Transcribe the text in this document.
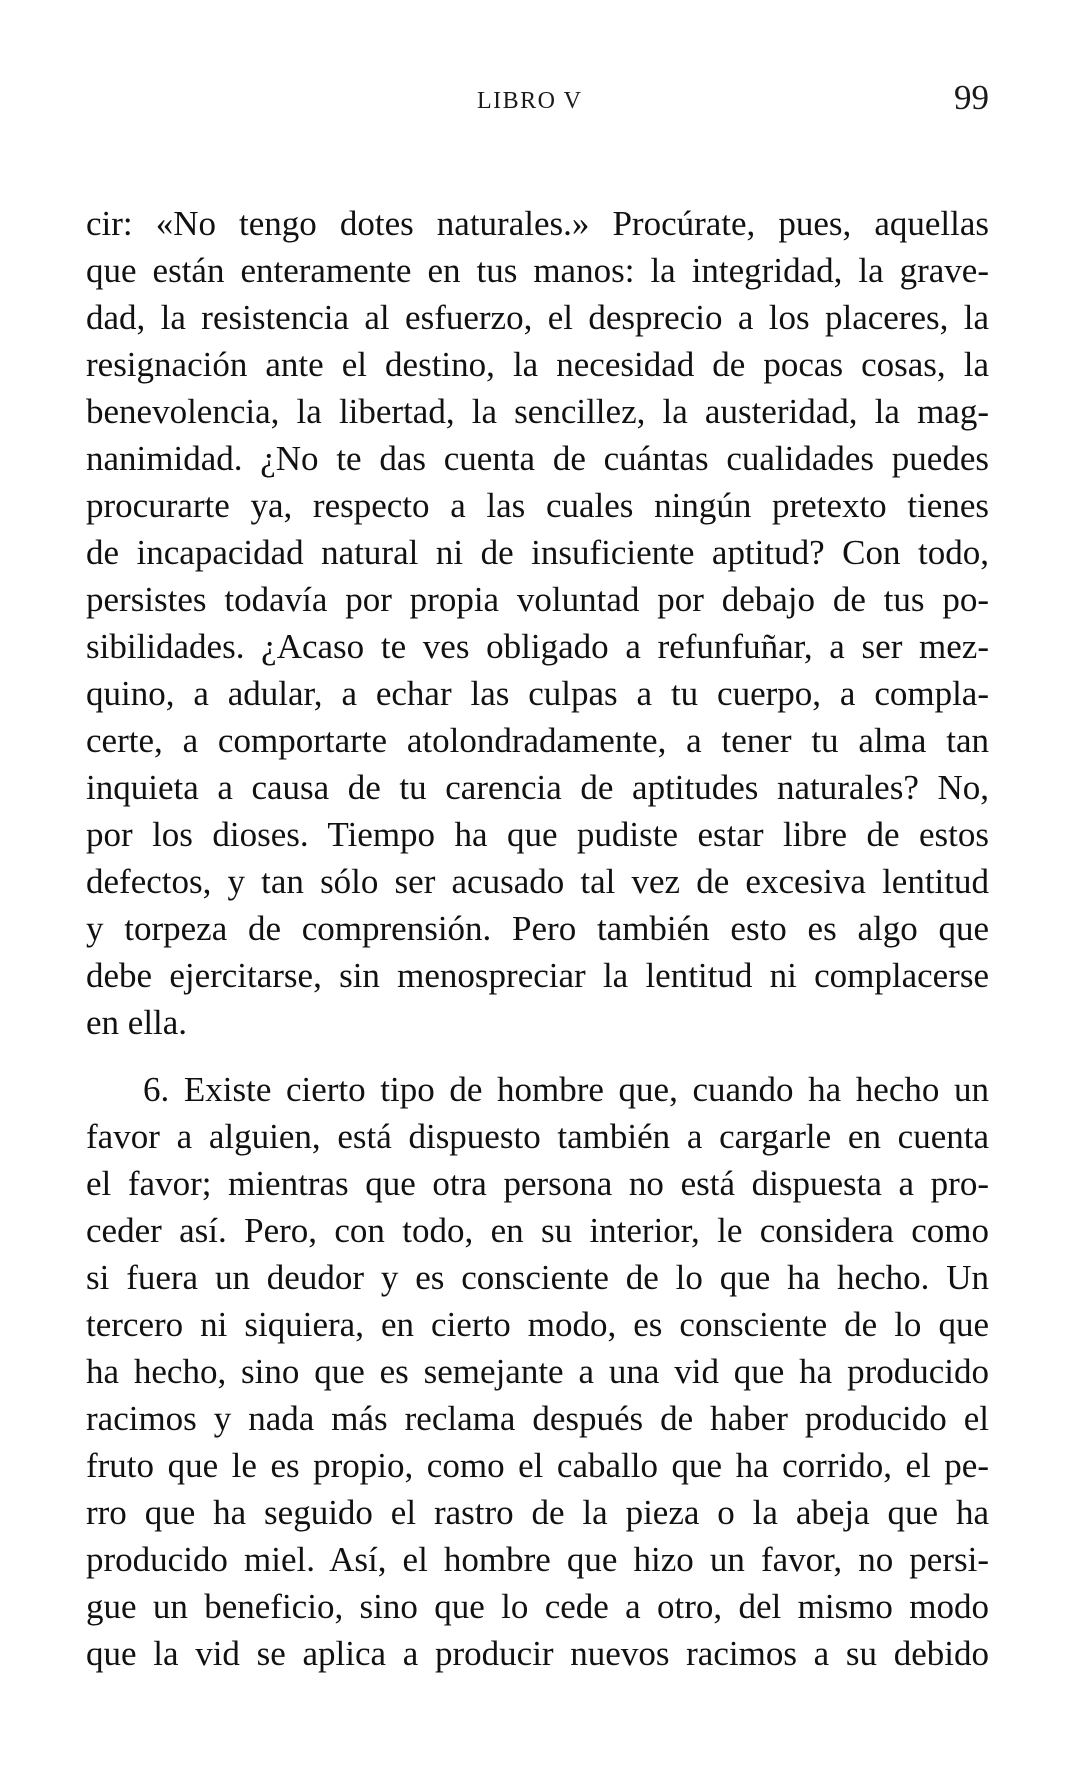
LIBRO V	99

cir: «No tengo dotes naturales.» Procúrate, pues, aquellas
que están enteramente en tus manos: la integridad, la grave-
dad, la resistencia al esfuerzo, el desprecio a los placeres, la
resignación ante el destino, la necesidad de pocas cosas, la
benevolencia, la libertad, la sencillez, la austeridad, la mag-
nanimidad. ¿No te das cuenta de cuántas cualidades puedes
procurarte ya, respecto a las cuales ningún pretexto tienes
de incapacidad natural ni de insuficiente aptitud? Con todo,
persistes todavía por propia voluntad por debajo de tus po-
sibilidades. ¿Acaso te ves obligado a refunfuñar, a ser mez-
quino, a adular, a echar las culpas a tu cuerpo, a compla-
certe, a comportarte atolondradamente, a tener tu alma tan
inquieta a causa de tu carencia de aptitudes naturales? No,
por los dioses. Tiempo ha que pudiste estar libre de estos
defectos, y tan sólo ser acusado tal vez de excesiva lentitud
y torpeza de comprensión. Pero también esto es algo que
debe ejercitarse, sin menospreciar la lentitud ni complacerse
en ella.

6. Existe cierto tipo de hombre que, cuando ha hecho un
favor a alguien, está dispuesto también a cargarle en cuenta
el favor; mientras que otra persona no está dispuesta a pro-
ceder así. Pero, con todo, en su interior, le considera como
si fuera un deudor y es consciente de lo que ha hecho. Un
tercero ni siquiera, en cierto modo, es consciente de lo que
ha hecho, sino que es semejante a una vid que ha producido
racimos y nada más reclama después de haber producido el
fruto que le es propio, como el caballo que ha corrido, el pe-
rro que ha seguido el rastro de la pieza o la abeja que ha
producido miel. Así, el hombre que hizo un favor, no persi-
gue un beneficio, sino que lo cede a otro, del mismo modo
que la vid se aplica a producir nuevos racimos a su debido
